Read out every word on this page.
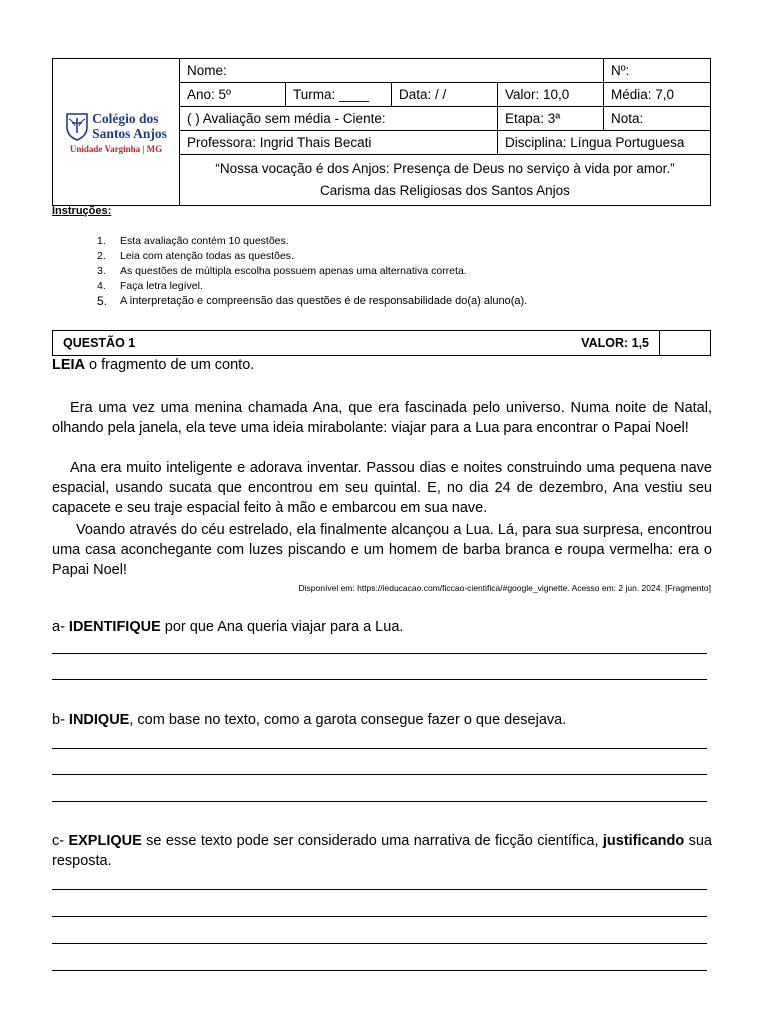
Colégio dos
Santos Anjos
Unidade Varginha | MG
Nome:	Nº:
Ano: 5º	Turma: ____	Data: / /	Valor: 10,0	Média: 7,0
( ) Avaliação sem média - Ciente:	Etapa: 3ª	Nota:
Professora: Ingrid Thais Becati	Disciplina: Língua Portuguesa
“Nossa vocação é dos Anjos: Presença de Deus no serviço à vida por amor.”
Carisma das Religiosas dos Santos Anjos
Instruções:
1.	Esta avaliação contém 10 questões.
2.	Leia com atenção todas as questões.
3.	As questões de múltipla escolha possuem apenas uma alternativa correta.
4.	Faça letra legível.
5.	A interpretação e compreensão das questões é de responsabilidade do(a) aluno(a).
QUESTÃO 1	VALOR: 1,5
LEIA o fragmento de um conto.
Era uma vez uma menina chamada Ana, que era fascinada pelo universo. Numa noite de Natal, olhando pela janela, ela teve uma ideia mirabolante: viajar para a Lua para encontrar o Papai Noel!
Ana era muito inteligente e adorava inventar. Passou dias e noites construindo uma pequena nave espacial, usando sucata que encontrou em seu quintal. E, no dia 24 de dezembro, Ana vestiu seu capacete e seu traje espacial feito à mão e embarcou em sua nave.
Voando através do céu estrelado, ela finalmente alcançou a Lua. Lá, para sua surpresa, encontrou uma casa aconchegante com luzes piscando e um homem de barba branca e roupa vermelha: era o Papai Noel!
Disponível em: https://ieducacao.com/ficcao-cientifica/#google_vignette. Acesso em: 2 jun. 2024. [Fragmento]
a- IDENTIFIQUE por que Ana queria viajar para a Lua.
b- INDIQUE, com base no texto, como a garota consegue fazer o que desejava.
c- EXPLIQUE se esse texto pode ser considerado uma narrativa de ficção científica, justificando sua resposta.
